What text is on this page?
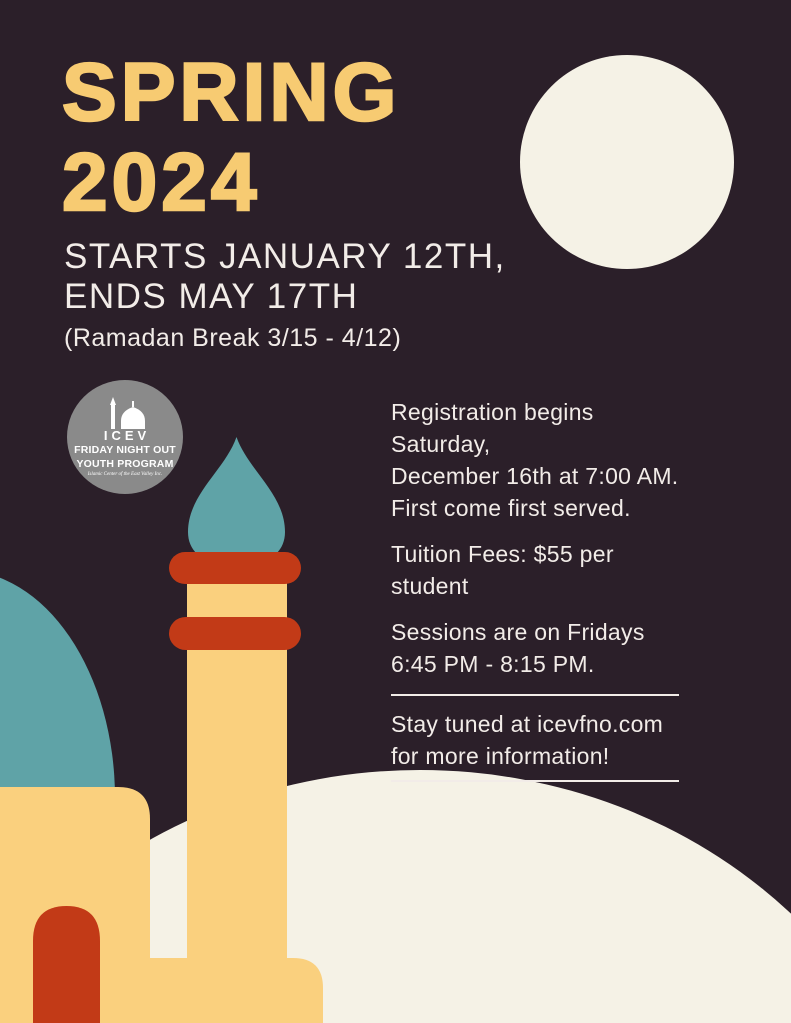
SPRING
2024
STARTS JANUARY 12TH,
ENDS MAY 17TH
(Ramadan Break 3/15 - 4/12)
ICEV
FRIDAY NIGHT OUT
YOUTH PROGRAM
Islamic Center of the East Valley Inc.
Registration begins Saturday,
December 16th at 7:00 AM.
First come first served.
Tuition Fees: $55 per student
Sessions are on Fridays
6:45 PM - 8:15 PM.
Stay tuned at icevfno.com
for more information!
